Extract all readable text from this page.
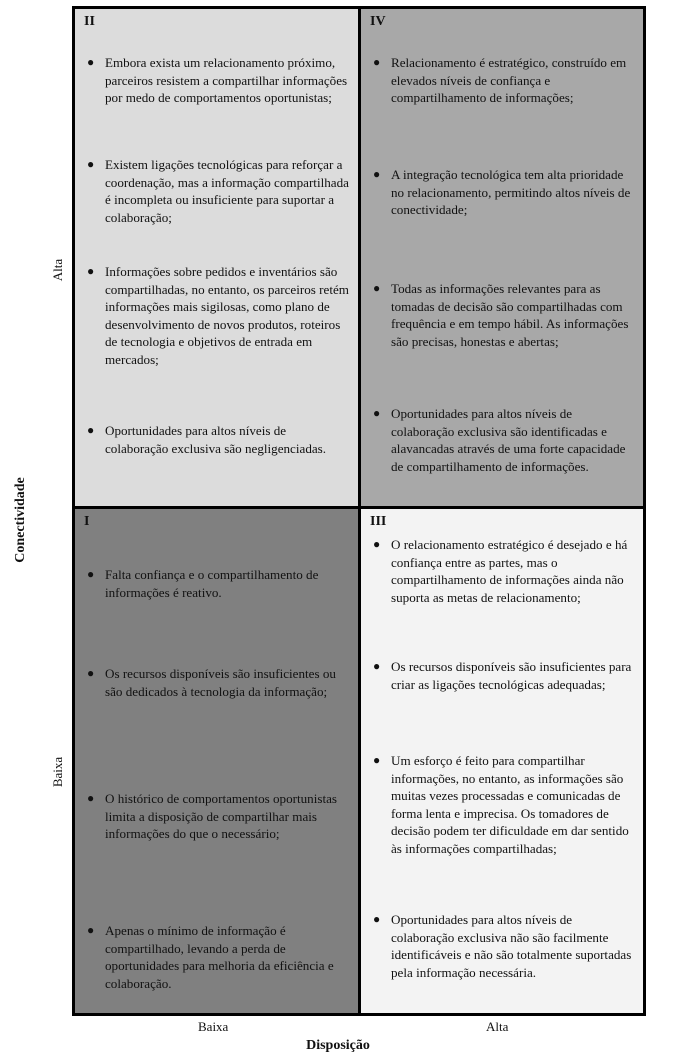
II
● Embora exista um relacionamento próximo, parceiros resistem a compartilhar informações por medo de comportamentos oportunistas;
● Existem ligações tecnológicas para reforçar a coordenação, mas a informação compartilhada é incompleta ou insuficiente para suportar a colaboração;
● Informações sobre pedidos e inventários são compartilhadas, no entanto, os parceiros retém informações mais sigilosas, como plano de desenvolvimento de novos produtos, roteiros de tecnologia e objetivos de entrada em mercados;
● Oportunidades para altos níveis de colaboração exclusiva são negligenciadas.
IV
● Relacionamento é estratégico, construído em elevados níveis de confiança e compartilhamento de informações;
● A integração tecnológica tem alta prioridade no relacionamento, permitindo altos níveis de conectividade;
● Todas as informações relevantes para as tomadas de decisão são compartilhadas com frequência e em tempo hábil. As informações são precisas, honestas e abertas;
● Oportunidades para altos níveis de colaboração exclusiva são identificadas e alavancadas através de uma forte capacidade de compartilhamento de informações.
I
● Falta confiança e o compartilhamento de informações é reativo.
● Os recursos disponíveis são insuficientes ou são dedicados à tecnologia da informação;
● O histórico de comportamentos oportunistas limita a disposição de compartilhar mais informações do que o necessário;
● Apenas o mínimo de informação é compartilhado, levando a perda de oportunidades para melhoria da eficiência e colaboração.
III
● O relacionamento estratégico é desejado e há confiança entre as partes, mas o compartilhamento de informações ainda não suporta as metas de relacionamento;
● Os recursos disponíveis são insuficientes para criar as ligações tecnológicas adequadas;
● Um esforço é feito para compartilhar informações, no entanto, as informações são muitas vezes processadas e comunicadas de forma lenta e imprecisa. Os tomadores de decisão podem ter dificuldade em dar sentido às informações compartilhadas;
● Oportunidades para altos níveis de colaboração exclusiva não são facilmente identificáveis e não são totalmente suportadas pela informação necessária.
Alta
Baixa
Conectividade
Baixa	Alta
Disposição
